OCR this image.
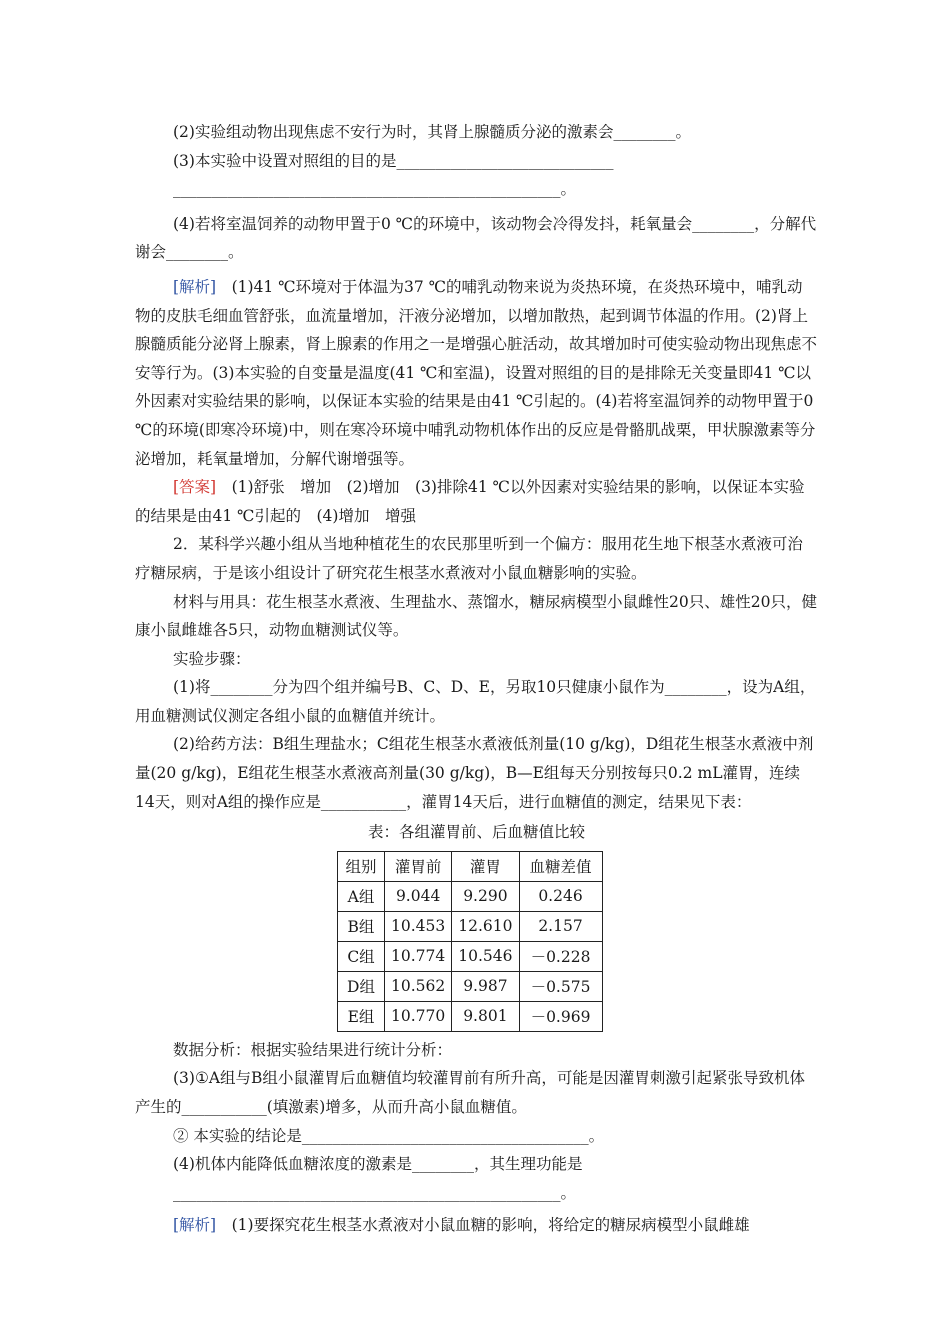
(2)实验组动物出现焦虑不安行为时，其肾上腺髓质分泌的激素会________。

(3)本实验中设置对照组的目的是____________________________

__________________________________________________。

(4)若将室温饲养的动物甲置于0 ℃的环境中，该动物会冷得发抖，耗氧量会________，分解代谢会________。

[解析]　(1)41 ℃环境对于体温为37 ℃的哺乳动物来说为炎热环境，在炎热环境中，哺乳动物的皮肤毛细血管舒张，血流量增加，汗液分泌增加，以增加散热，起到调节体温的作用。(2)肾上腺髓质能分泌肾上腺素，肾上腺素的作用之一是增强心脏活动，故其增加时可使实验动物出现焦虑不安等行为。(3)本实验的自变量是温度(41 ℃和室温)，设置对照组的目的是排除无关变量即41 ℃以外因素对实验结果的影响，以保证本实验的结果是由41 ℃引起的。(4)若将室温饲养的动物甲置于0 ℃的环境(即寒冷环境)中，则在寒冷环境中哺乳动物机体作出的反应是骨骼肌战栗，甲状腺激素等分泌增加，耗氧量增加，分解代谢增强等。

[答案]　(1)舒张　增加　(2)增加　(3)排除41 ℃以外因素对实验结果的影响，以保证本实验的结果是由41 ℃引起的　(4)增加　增强

2．某科学兴趣小组从当地种植花生的农民那里听到一个偏方：服用花生地下根茎水煮液可治疗糖尿病，于是该小组设计了研究花生根茎水煮液对小鼠血糖影响的实验。

材料与用具：花生根茎水煮液、生理盐水、蒸馏水，糖尿病模型小鼠雌性20只、雄性20只，健康小鼠雌雄各5只，动物血糖测试仪等。

实验步骤：

(1)将________分为四个组并编号B、C、D、E，另取10只健康小鼠作为________，设为A组，用血糖测试仪测定各组小鼠的血糖值并统计。

(2)给药方法：B组生理盐水；C组花生根茎水煮液低剂量(10 g/kg)，D组花生根茎水煮液中剂量(20 g/kg)，E组花生根茎水煮液高剂量(30 g/kg)，B—E组每天分别按每只0.2 mL灌胃，连续14天，则对A组的操作应是___________，灌胃14天后，进行血糖值的测定，结果见下表：

表：各组灌胃前、后血糖值比较

组别	灌胃前	灌胃	血糖差值
A组	9.044	9.290	0.246
B组	10.453	12.610	2.157
C组	10.774	10.546	－0.228
D组	10.562	9.987	－0.575
E组	10.770	9.801	－0.969

数据分析：根据实验结果进行统计分析：

(3)①A组与B组小鼠灌胃后血糖值均较灌胃前有所升高，可能是因灌胃刺激引起紧张导致机体产生的___________(填激素)增多，从而升高小鼠血糖值。

② 本实验的结论是_____________________________________。

(4)机体内能降低血糖浓度的激素是________，其生理功能是

__________________________________________________。

[解析]　(1)要探究花生根茎水煮液对小鼠血糖的影响，将给定的糖尿病模型小鼠雌雄
